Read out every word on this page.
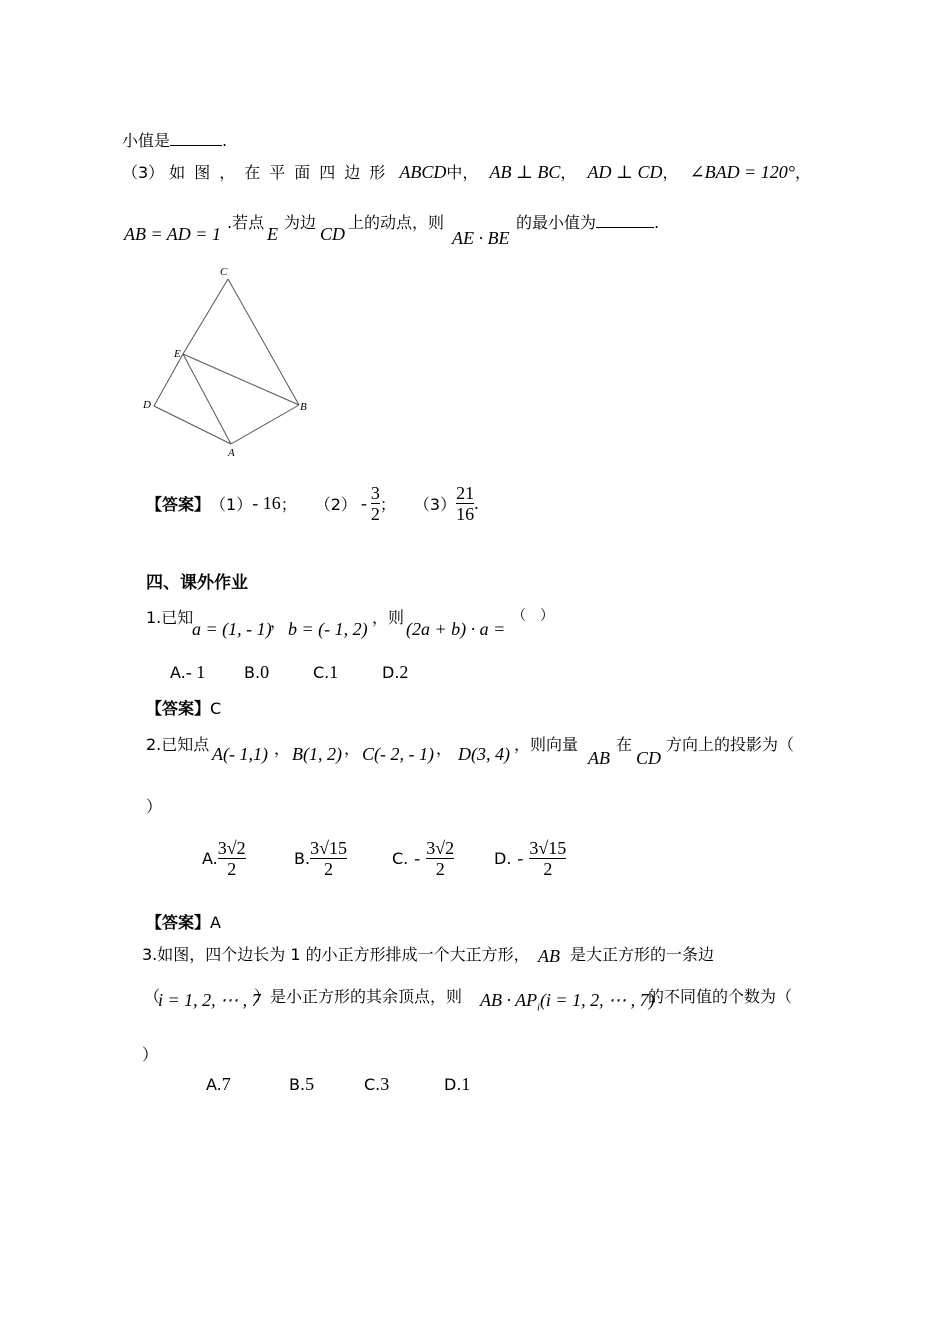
小值是	.
（3） 如图，在平面四边形 ABCD中， AB ⊥ BC， AD ⊥ CD， ∠BAD = 120°，
AB = AD = 1
.若点
E
为边
CD
上的动点，则
AE · BE
的最小值为	.
C
E
D	B
A
【答案】 （1） - 16 ； $(2) - \frac{3}{2}$ ； $(3) \frac{21}{16}$ .
四、课外作业
1.已知
a = (1, - 1)
， b = (- 1, 2)
，则
(2a + b) · a =
（　）
A.- 1 B.0	C.1	D.2
【答案】C
2.已知点 A(- 1,1) ， B(1, 2) ， C(- 2, - 1) ， D(3, 4) ，则向量
AB
在
CD
方向上的投影为（
）
A. $\frac{3√2}{2}$	B. $\frac{3√15}{2}$	C. - $\frac{3√2}{2} D$. - $\frac{3√15}{2}$
【答案】A
3.如图，四个边长为 1 的小正方形排成一个大正方形， AB 是大正方形的一条边
（
i = 1, 2, ⋯ , 7
）是小正方形的其余顶点，则 AB · $AP_i(i = 1$, 2, ⋯ , 7)
的不同值的个数为（
）
A.7	B.5	C.3	D.1
